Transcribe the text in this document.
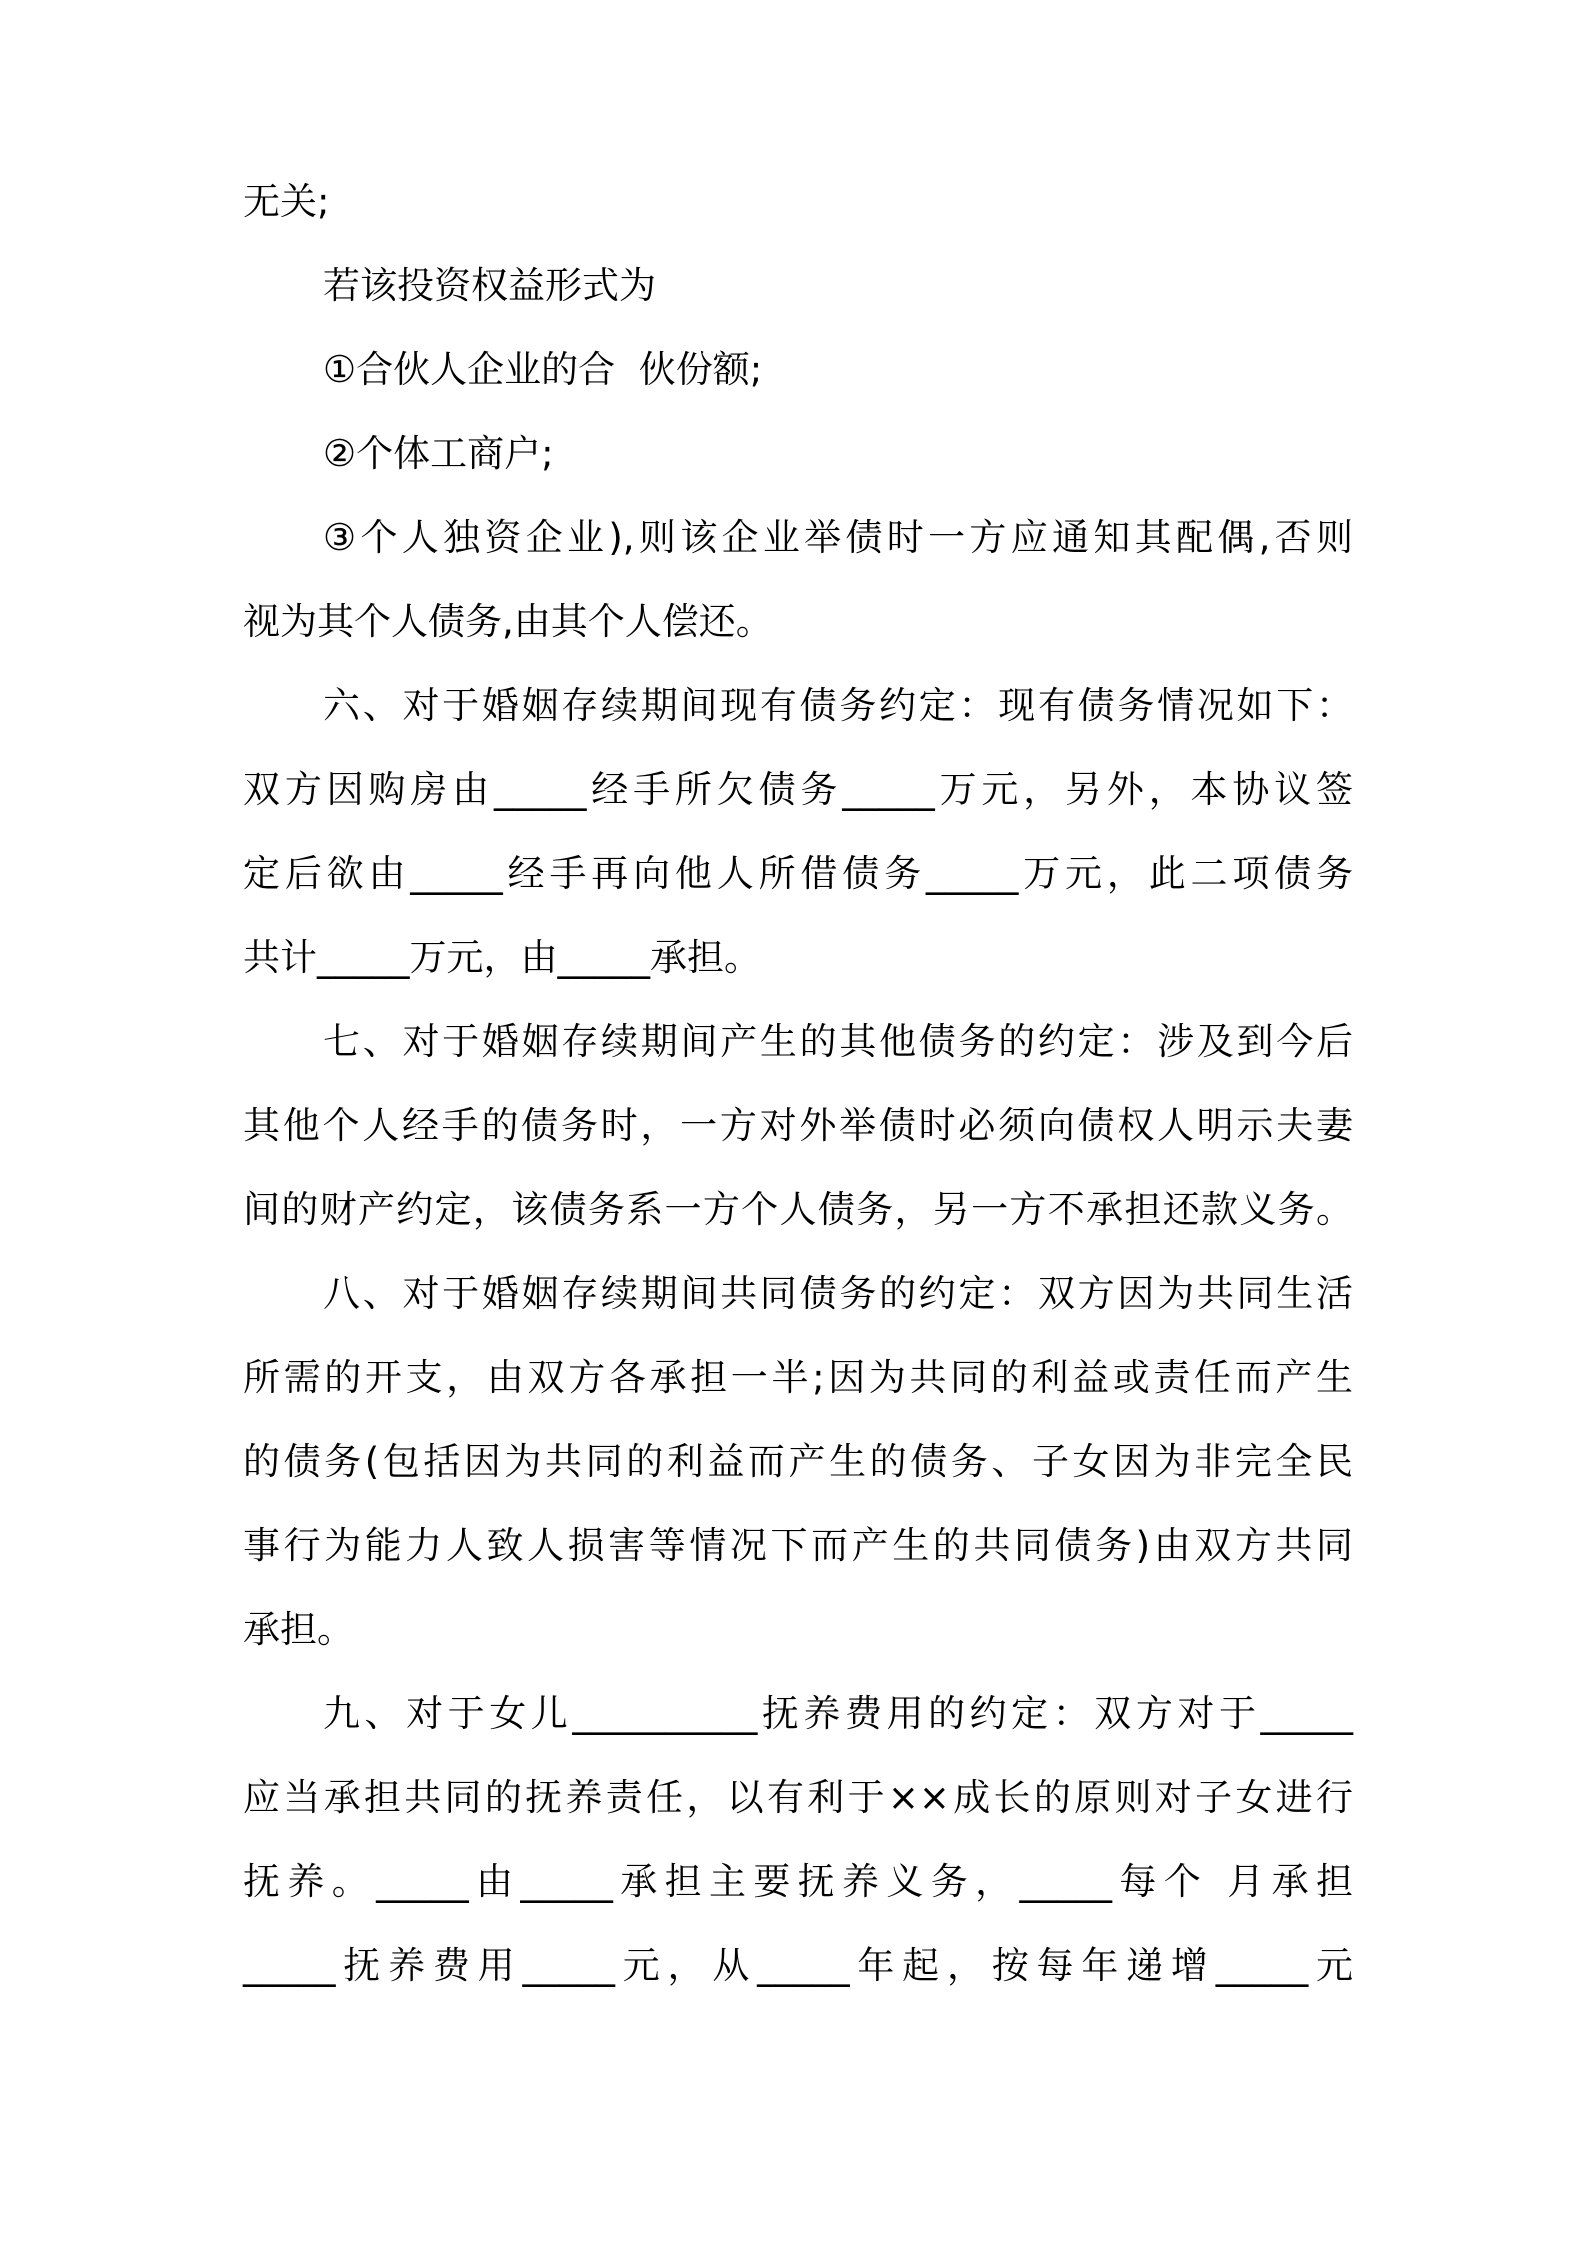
无关;
若该投资权益形式为
①合伙人企业的合  伙份额;
②个体工商户;
③个人独资企业),则该企业举债时一方应通知其配偶,否则
视为其个人债务,由其个人偿还。
六、对于婚姻存续期间现有债务约定：现有债务情况如下：
双方因购房由_____经手所欠债务_____万元，另外，本协议签
定后欲由_____经手再向他人所借债务_____万元，此二项债务
共计_____万元，由_____承担。
七、对于婚姻存续期间产生的其他债务的约定：涉及到今后
其他个人经手的债务时，一方对外举债时必须向债权人明示夫妻
间的财产约定，该债务系一方个人债务，另一方不承担还款义务。
八、对于婚姻存续期间共同债务的约定：双方因为共同生活
所需的开支，由双方各承担一半;因为共同的利益或责任而产生
的债务(包括因为共同的利益而产生的债务、子女因为非完全民
事行为能力人致人损害等情况下而产生的共同债务)由双方共同
承担。
九、对于女儿__________抚养费用的约定：双方对于_____
应当承担共同的抚养责任，以有利于××成长的原则对子女进行
抚养。_____由_____承担主要抚养义务，_____每个 月承担
_____抚养费用_____元，从_____年起，按每年递增_____元
